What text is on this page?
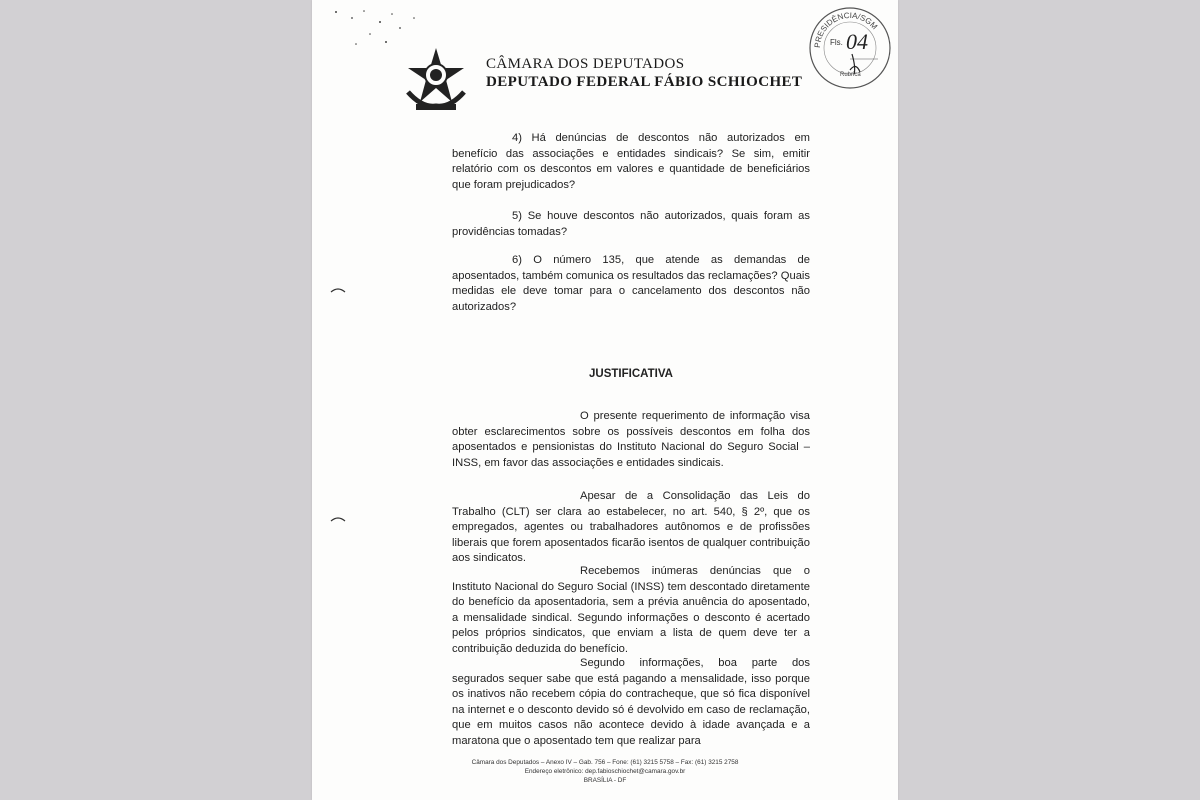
CÂMARA DOS DEPUTADOS
DEPUTADO FEDERAL FÁBIO SCHIOCHET
PRESIDÊNCIA/SGM
Fls. 04
Rubrica

4) Há denúncias de descontos não autorizados em benefício das associações e entidades sindicais? Se sim, emitir relatório com os descontos em valores e quantidade de beneficiários que foram prejudicados?

5) Se houve descontos não autorizados, quais foram as providências tomadas?

6) O número 135, que atende as demandas de aposentados, também comunica os resultados das reclamações? Quais medidas ele deve tomar para o cancelamento dos descontos não autorizados?

JUSTIFICATIVA

O presente requerimento de informação visa obter esclarecimentos sobre os possíveis descontos em folha dos aposentados e pensionistas do Instituto Nacional do Seguro Social – INSS, em favor das associações e entidades sindicais.

Apesar de a Consolidação das Leis do Trabalho (CLT) ser clara ao estabelecer, no art. 540, § 2º, que os empregados, agentes ou trabalhadores autônomos e de profissões liberais que forem aposentados ficarão isentos de qualquer contribuição aos sindicatos.

Recebemos inúmeras denúncias que o Instituto Nacional do Seguro Social (INSS) tem descontado diretamente do benefício da aposentadoria, sem a prévia anuência do aposentado, a mensalidade sindical. Segundo informações o desconto é acertado pelos próprios sindicatos, que enviam a lista de quem deve ter a contribuição deduzida do benefício.

Segundo informações, boa parte dos segurados sequer sabe que está pagando a mensalidade, isso porque os inativos não recebem cópia do contracheque, que só fica disponível na internet e o desconto devido só é devolvido em caso de reclamação, que em muitos casos não acontece devido à idade avançada e a maratona que o aposentado tem que realizar para

Câmara dos Deputados – Anexo IV – Gab. 756 – Fone: (61) 3215 5758 – Fax: (61) 3215 2758
Endereço eletrônico: dep.fabioschiochet@camara.gov.br
BRASÍLIA - DF
